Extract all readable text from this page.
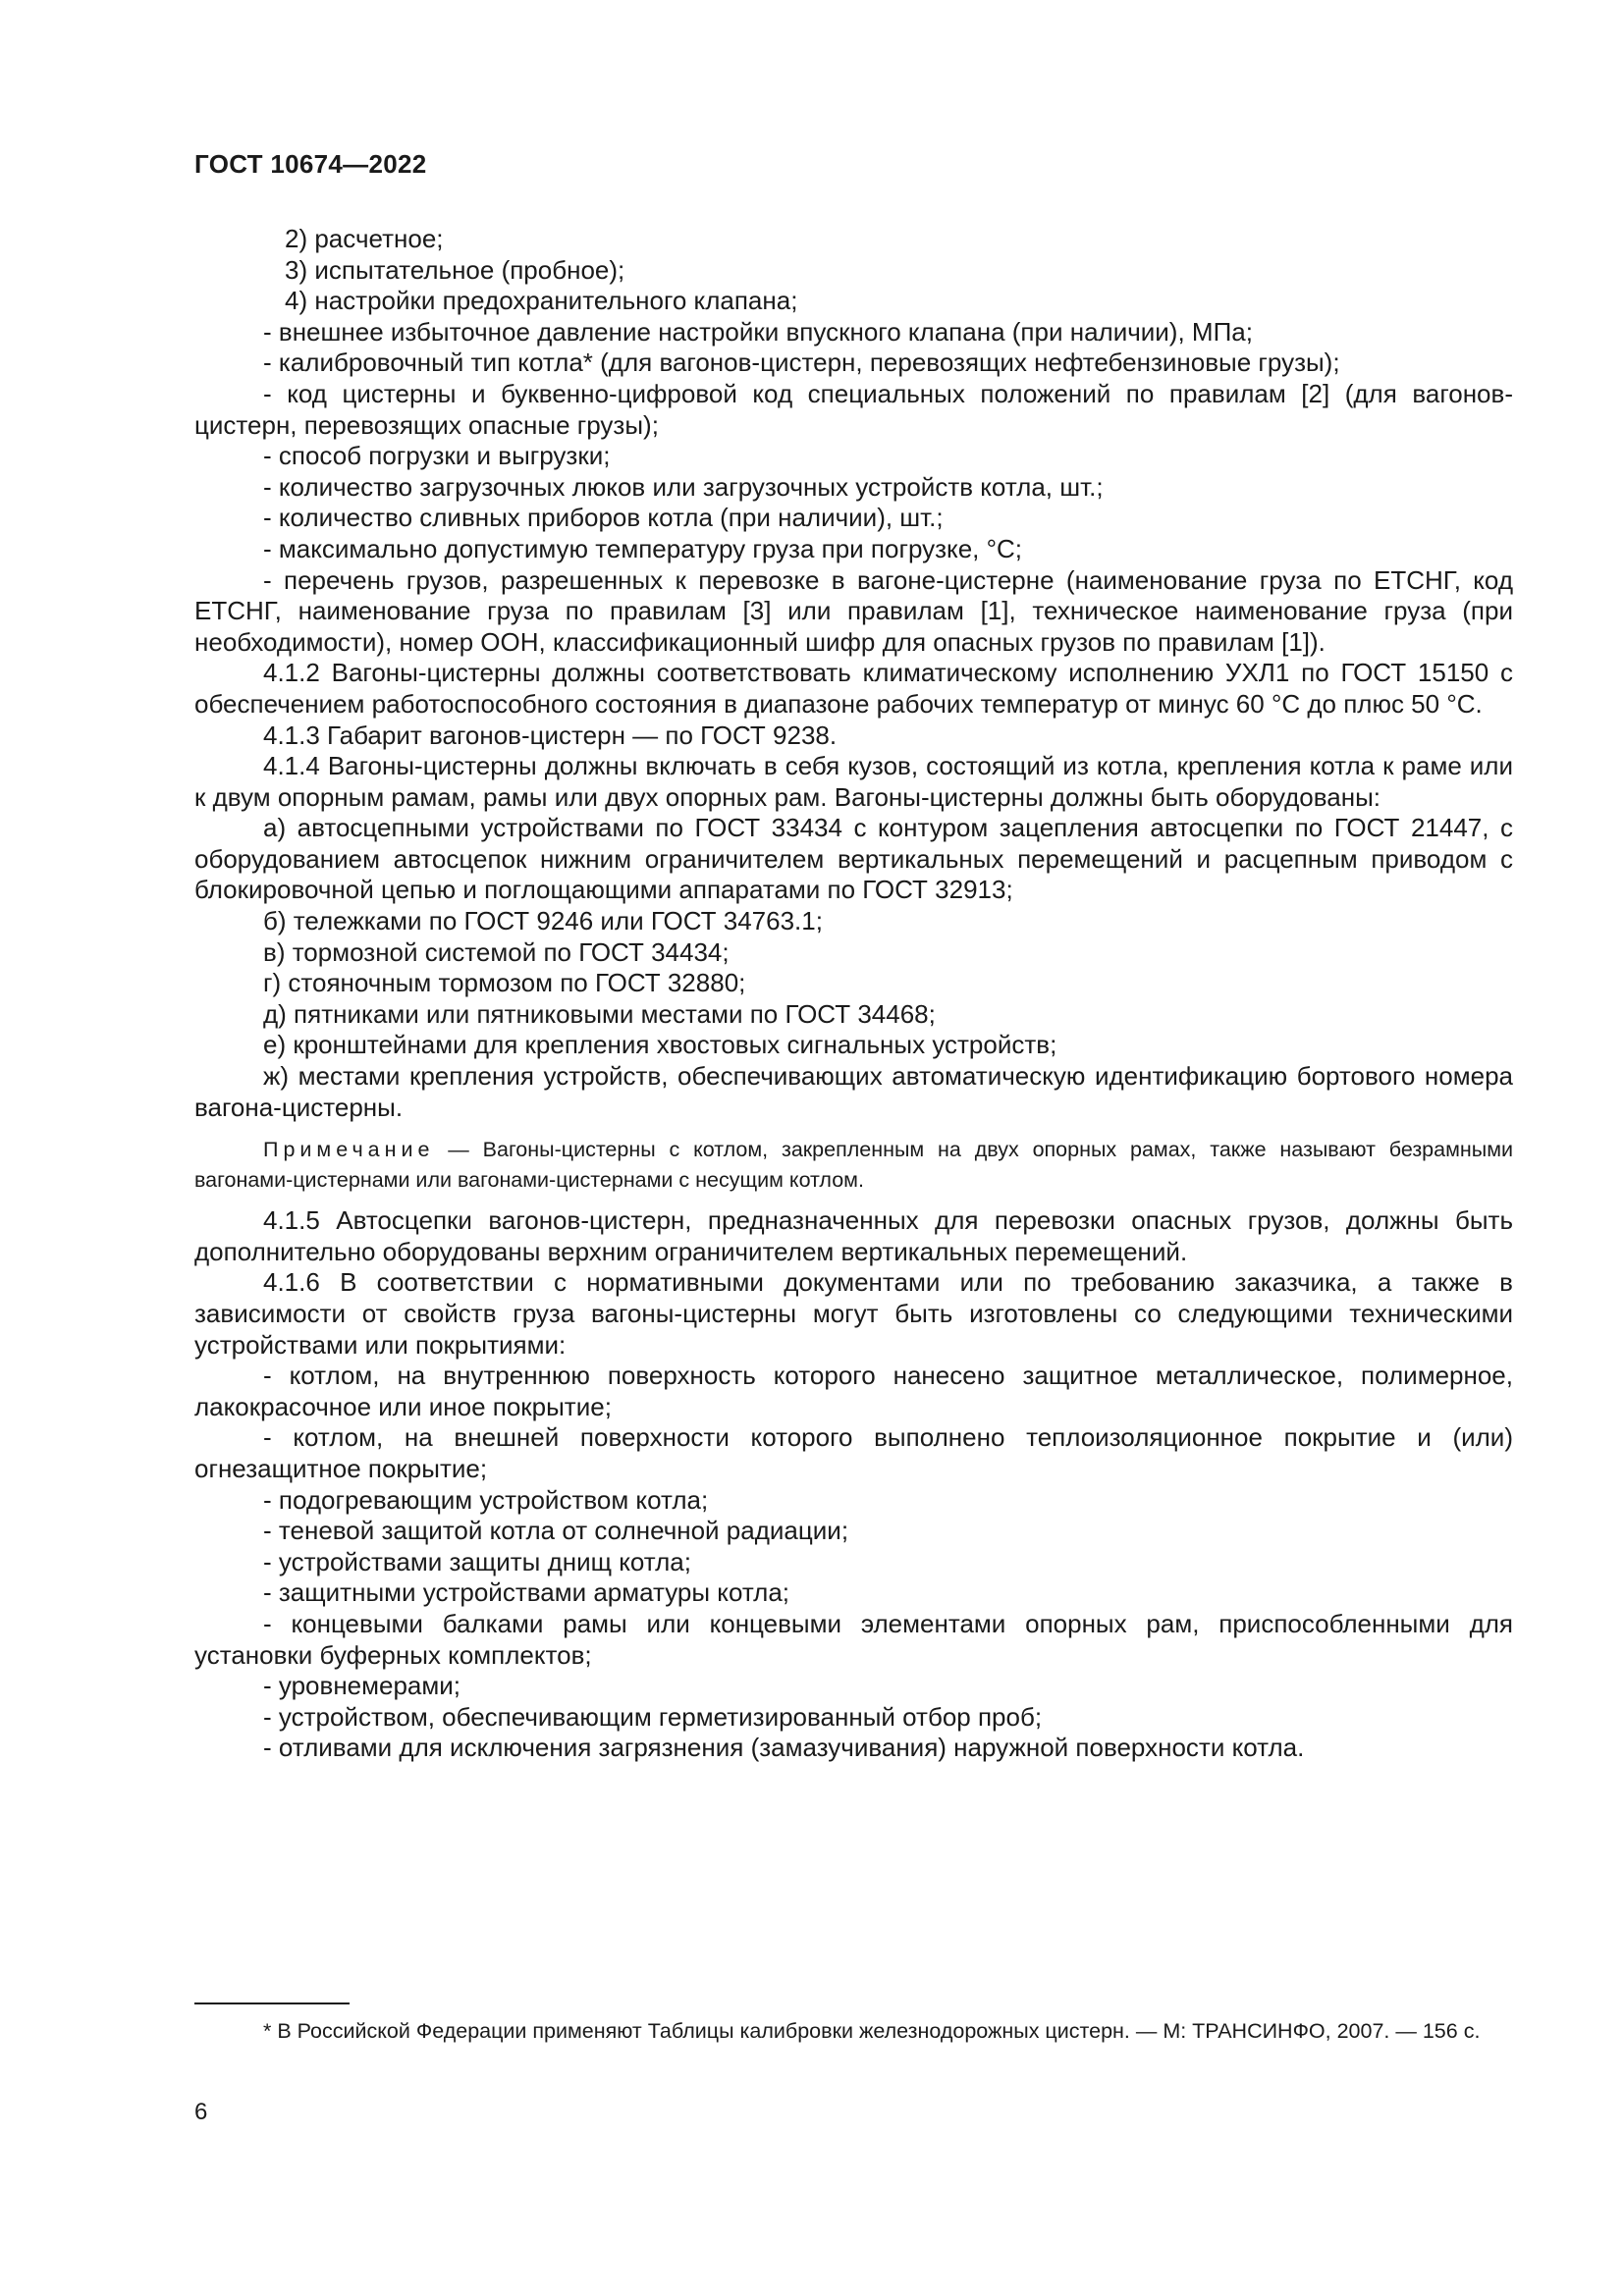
ГОСТ 10674—2022

2) расчетное;

3) испытательное (пробное);

4) настройки предохранительного клапана;

- внешнее избыточное давление настройки впускного клапана (при наличии), МПа;

- калибровочный тип котла* (для вагонов-цистерн, перевозящих нефтебензиновые грузы);

- код цистерны и буквенно-цифровой код специальных положений по правилам [2] (для вагонов-цистерн, перевозящих опасные грузы);

- способ погрузки и выгрузки;

- количество загрузочных люков или загрузочных устройств котла, шт.;

- количество сливных приборов котла (при наличии), шт.;

- максимально допустимую температуру груза при погрузке, °С;

- перечень грузов, разрешенных к перевозке в вагоне-цистерне (наименование груза по ЕТСНГ, код ЕТСНГ, наименование груза по правилам [3] или правилам [1], техническое наименование груза (при необходимости), номер ООН, классификационный шифр для опасных грузов по правилам [1]).

4.1.2 Вагоны-цистерны должны соответствовать климатическому исполнению УХЛ1 по ГОСТ 15150 с обеспечением работоспособного состояния в диапазоне рабочих температур от минус 60 °С до плюс 50 °С.

4.1.3 Габарит вагонов-цистерн — по ГОСТ 9238.

4.1.4 Вагоны-цистерны должны включать в себя кузов, состоящий из котла, крепления котла к раме или к двум опорным рамам, рамы или двух опорных рам. Вагоны-цистерны должны быть оборудованы:

а) автосцепными устройствами по ГОСТ 33434 с контуром зацепления автосцепки по ГОСТ 21447, с оборудованием автосцепок нижним ограничителем вертикальных перемещений и расцепным приводом с блокировочной цепью и поглощающими аппаратами по ГОСТ 32913;

б) тележками по ГОСТ 9246 или ГОСТ 34763.1;

в) тормозной системой по ГОСТ 34434;

г) стояночным тормозом по ГОСТ 32880;

д) пятниками или пятниковыми местами по ГОСТ 34468;

е) кронштейнами для крепления хвостовых сигнальных устройств;

ж) местами крепления устройств, обеспечивающих автоматическую идентификацию бортового номера вагона-цистерны.

Примечание — Вагоны-цистерны с котлом, закрепленным на двух опорных рамах, также называют безрамными вагонами-цистернами или вагонами-цистернами с несущим котлом.

4.1.5 Автосцепки вагонов-цистерн, предназначенных для перевозки опасных грузов, должны быть дополнительно оборудованы верхним ограничителем вертикальных перемещений.

4.1.6 В соответствии с нормативными документами или по требованию заказчика, а также в зависимости от свойств груза вагоны-цистерны могут быть изготовлены со следующими техническими устройствами или покрытиями:

- котлом, на внутреннюю поверхность которого нанесено защитное металлическое, полимерное, лакокрасочное или иное покрытие;

- котлом, на внешней поверхности которого выполнено теплоизоляционное покрытие и (или) огнезащитное покрытие;

- подогревающим устройством котла;

- теневой защитой котла от солнечной радиации;

- устройствами защиты днищ котла;

- защитными устройствами арматуры котла;

- концевыми балками рамы или концевыми элементами опорных рам, приспособленными для установки буферных комплектов;

- уровнемерами;

- устройством, обеспечивающим герметизированный отбор проб;

- отливами для исключения загрязнения (замазучивания) наружной поверхности котла.

* В Российской Федерации применяют Таблицы калибровки железнодорожных цистерн. — М: ТРАНСИНФО, 2007. — 156 с.

6
